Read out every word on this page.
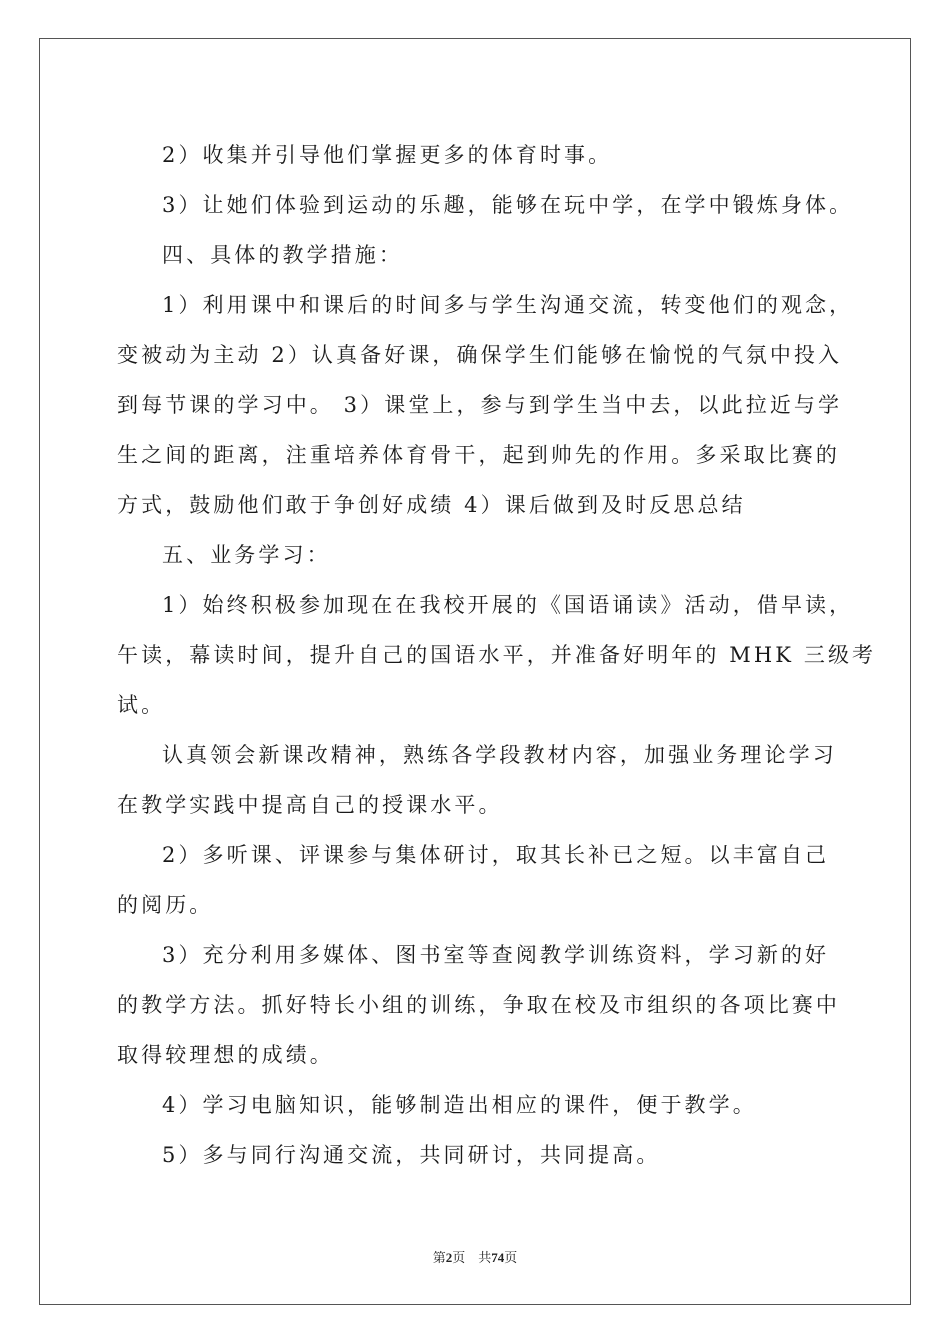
2）收集并引导他们掌握更多的体育时事。

3）让她们体验到运动的乐趣，能够在玩中学，在学中锻炼身体。

四、具体的教学措施：

1）利用课中和课后的时间多与学生沟通交流，转变他们的观念，

变被动为主动 2）认真备好课，确保学生们能够在愉悦的气氛中投入

到每节课的学习中。 3）课堂上，参与到学生当中去，以此拉近与学

生之间的距离，注重培养体育骨干，起到帅先的作用。多采取比赛的

方式，鼓励他们敢于争创好成绩 4）课后做到及时反思总结

五、业务学习：

1）始终积极参加现在在我校开展的《国语诵读》活动，借早读，

午读，幕读时间，提升自己的国语水平，并准备好明年的 MHK 三级考

试。

认真领会新课改精神，熟练各学段教材内容，加强业务理论学习

在教学实践中提高自己的授课水平。

2）多听课、评课参与集体研讨，取其长补已之短。以丰富自己

的阅历。

3）充分利用多媒体、图书室等查阅教学训练资料，学习新的好

的教学方法。抓好特长小组的训练，争取在校及市组织的各项比赛中

取得较理想的成绩。

4）学习电脑知识，能够制造出相应的课件，便于教学。

5）多与同行沟通交流，共同研讨，共同提高。

第2页 共74页
